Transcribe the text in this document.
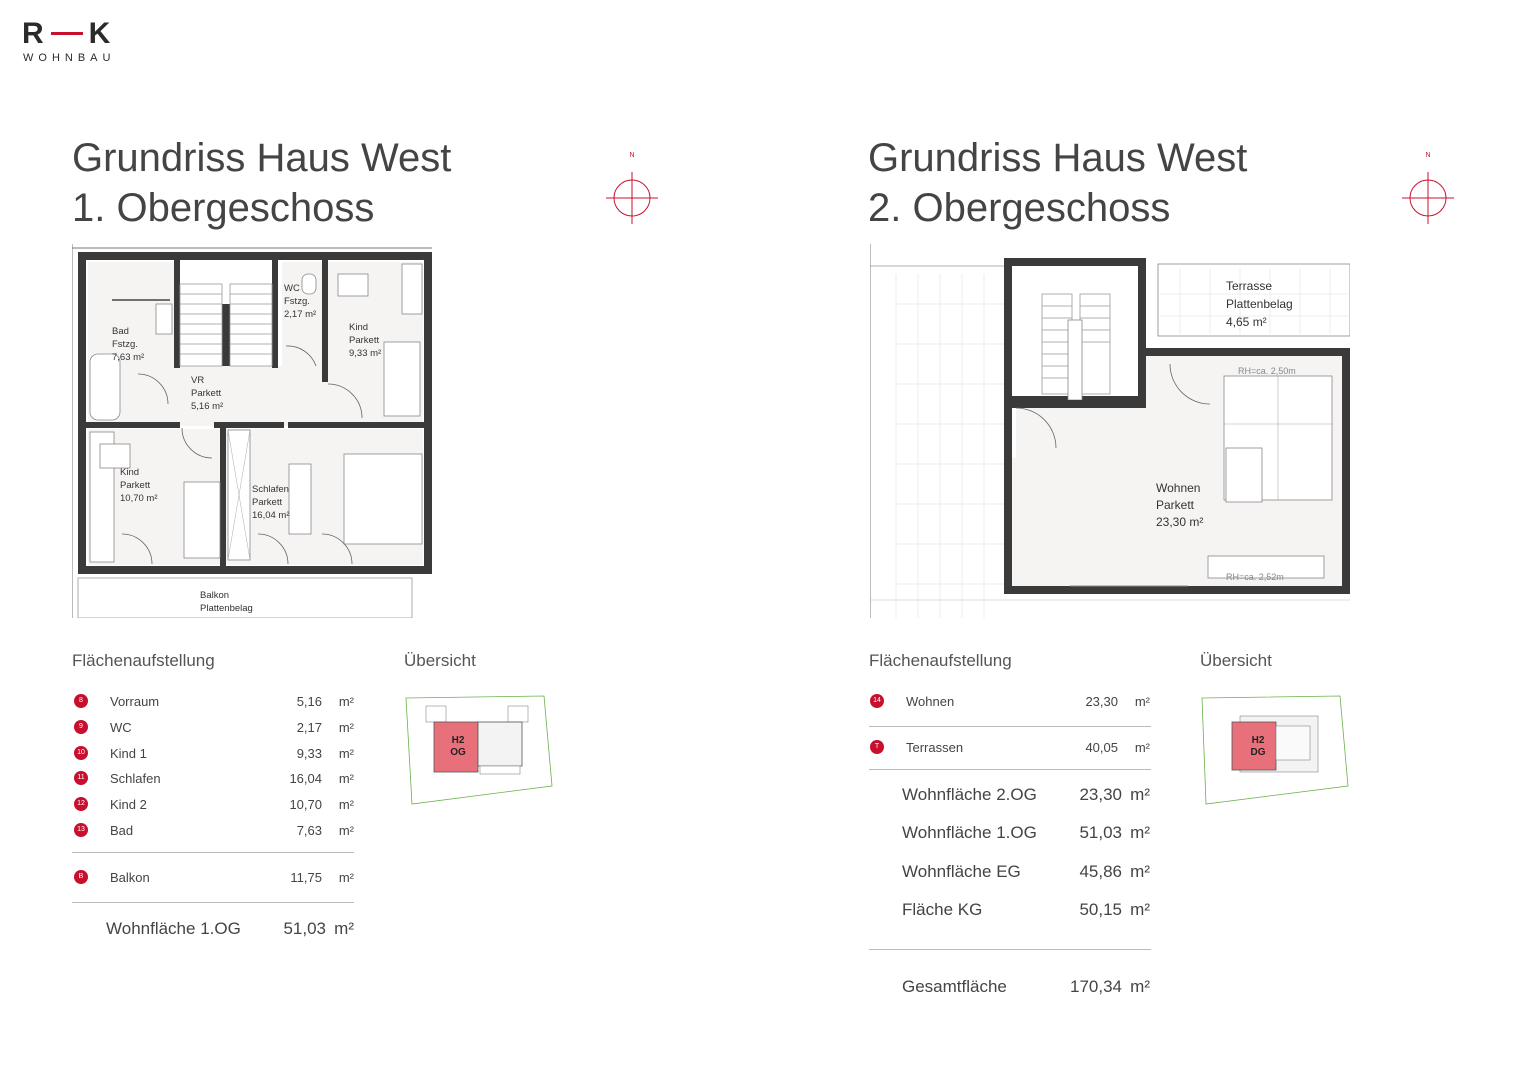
R K
WOHNBAU
Grundriss Haus West
1. Obergeschoss
N
Bad
Fstzg.
7,63 m²
WC
Fstzg.
2,17 m²
Kind
Parkett
9,33 m²
VR
Parkett
5,16 m²
Kind
Parkett
10,70 m²
Schlafen
Parkett
16,04 m²
Balkon
Plattenbelag
Flächenaufstellung	Übersicht
8	Vorraum	5,16 m²
9	WC	2,17 m²
10 Kind 1	9,33 m²
11 Schlafen	16,04 m²
12 Kind 2	10,70 m²
13 Bad	7,63 m²
B	Balkon	11,75 m²
Wohnfläche 1.OG	51,03 m²
H2
OG
Grundriss Haus West
2. Obergeschoss
N
Terrasse
Plattenbelag
4,65 m²
Wohnen
Parkett
23,30 m²
RH=ca. 2,50m
RH=ca. 2,52m
Flächenaufstellung	Übersicht
14 Wohnen	23,30 m²
T	Terrassen	40,05 m²
Wohnfläche 2.OG	23,30 m²
Wohnfläche 1.OG	51,03 m²
Wohnfläche EG	45,86 m²
Fläche KG	50,15 m²
Gesamtfläche	170,34 m²
H2
DG
